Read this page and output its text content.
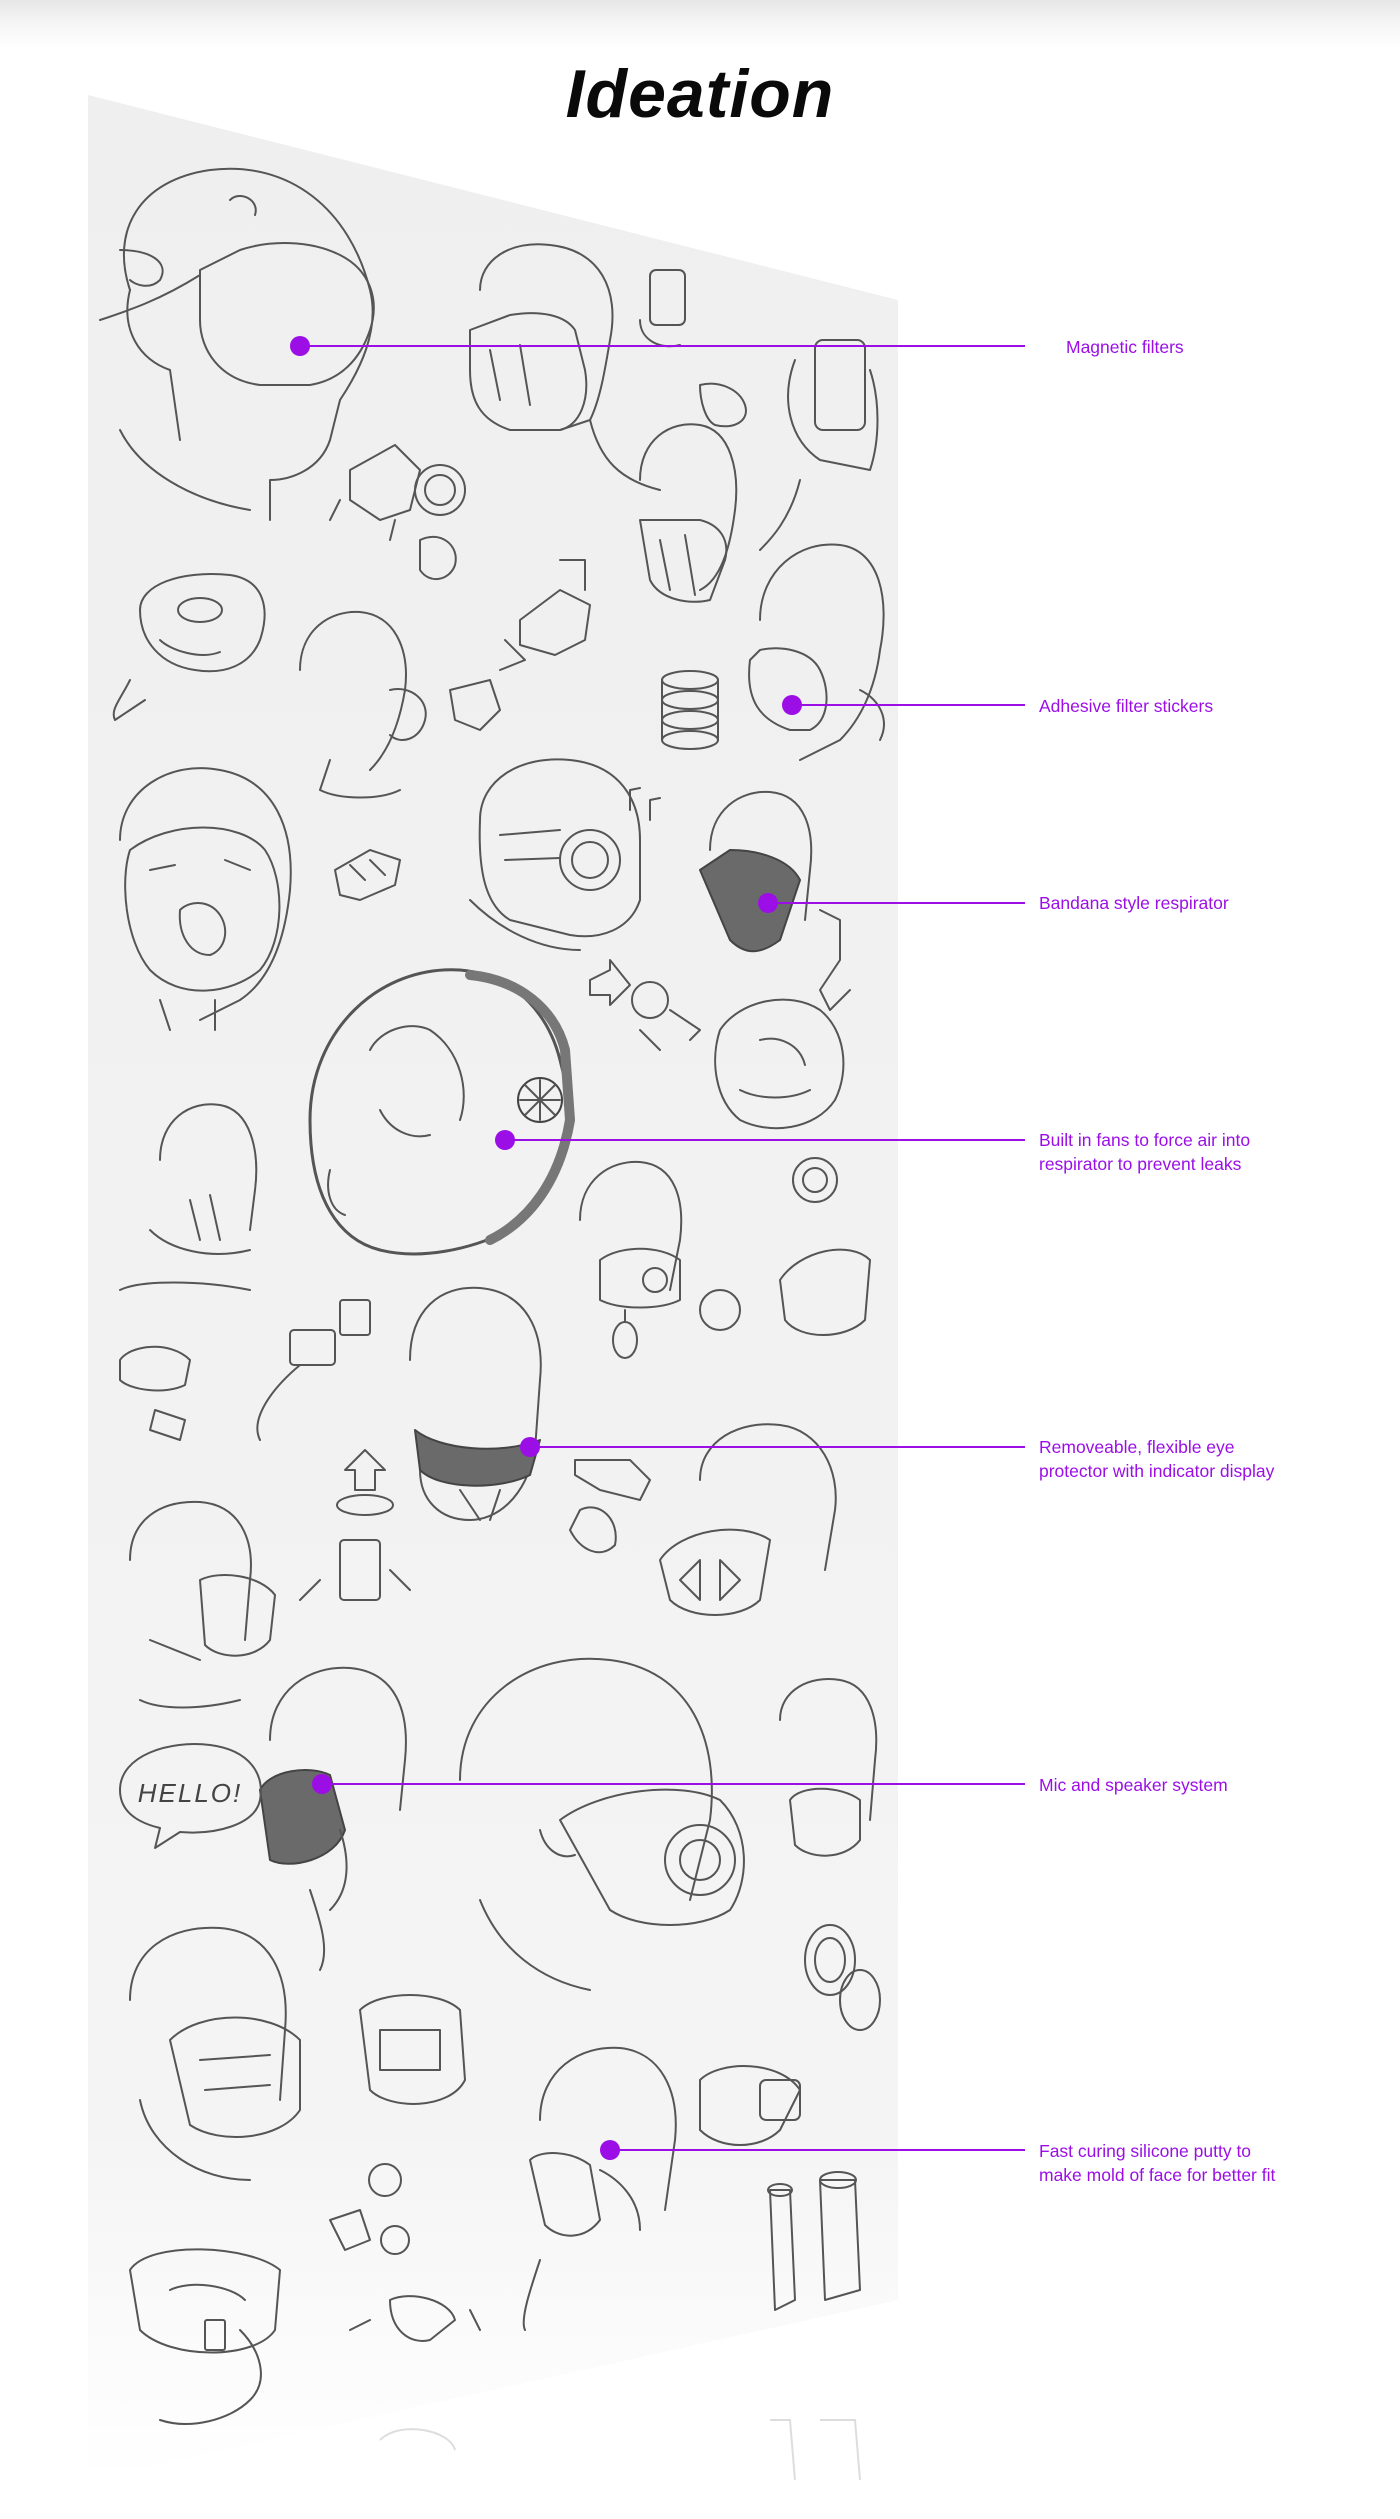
Ideation
HELLO!
Magnetic filters
Adhesive filter stickers
Bandana style respirator
Built in fans to force air into
respirator to prevent leaks
Removeable, flexible eye
protector with indicator display
Mic and speaker system
Fast curing silicone putty to
make mold of face for better fit
